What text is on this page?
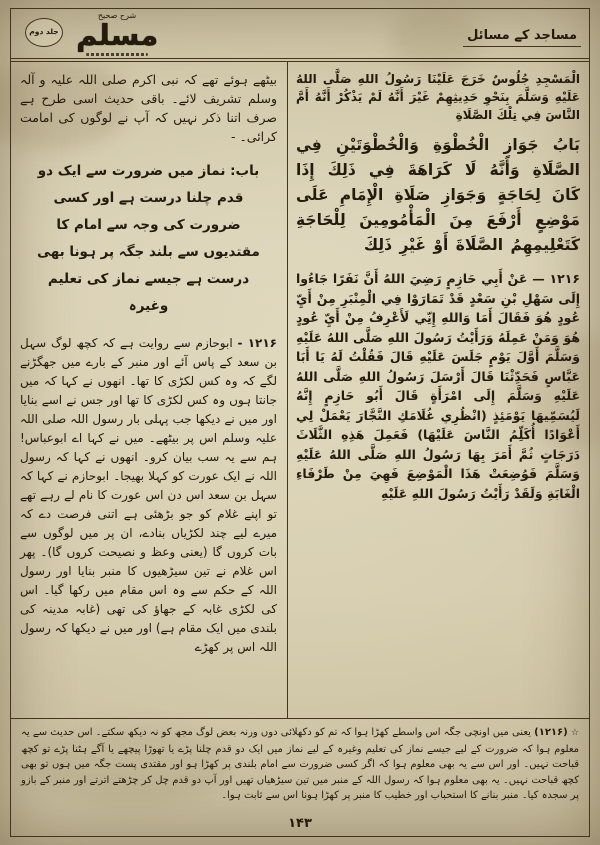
مساجد کے مسائل
شرح صحيح
مسلم
جلد دوم

الْمَسْجِدِ جُلُوسٌ خَرَجَ عَلَيْنَا رَسُولُ اللهِ صَلَّى اللهُ عَلَيْهِ وَسَلَّمَ بِنَحْوِ حَدِيثِهِمْ غَيْرَ أَنَّهُ لَمْ يَذْكُرْ أَنَّهُ أَمَّ النَّاسَ فِي تِلْكَ الصَّلَاةِ

بَابُ جَوَازِ الْخُطْوَةِ وَالْخُطْوَتَيْنِ فِي الصَّلَاةِ وَأَنَّهُ لَا كَرَاهَةَ فِي ذَلِكَ إِذَا كَانَ لِحَاجَةٍ وَجَوَازِ صَلَاةِ الْإِمَامِ عَلَى مَوْضِعٍ أَرْفَعَ مِنَ الْمَأْمُومِينَ لِلْحَاجَةِ كَتَعْلِيمِهِمُ الصَّلَاةَ أَوْ غَيْرِ ذَلِكَ

۱۲۱۶ — عَنْ أَبِي حَازِمٍ رَضِيَ اللهُ أَنَّ نَفَرًا جَاءُوا إِلَى سَهْلِ بْنِ سَعْدٍ قَدْ تَمَارَوْا فِي الْمِنْبَرِ مِنْ أَيِّ عُودٍ هُوَ فَقَالَ أَمَا وَاللهِ إِنِّي لَأَعْرِفُ مِنْ أَيِّ عُودٍ هُوَ وَمَنْ عَمِلَهُ وَرَأَيْتُ رَسُولَ اللهِ صَلَّى اللهُ عَلَيْهِ وَسَلَّمَ أَوَّلَ يَوْمٍ جَلَسَ عَلَيْهِ قَالَ فَقُلْتُ لَهُ يَا أَبَا عَبَّاسٍ فَحَدِّثْنَا قَالَ أَرْسَلَ رَسُولُ اللهِ صَلَّى اللهُ عَلَيْهِ وَسَلَّمَ إِلَى امْرَأَةٍ قَالَ أَبُو حَازِمٍ إِنَّهُ لَيُسَمِّيهَا يَوْمَئِذٍ (انْظُرِي غُلَامَكِ النَّجَّارَ يَعْمَلْ لِي أَعْوَادًا أُكَلِّمُ النَّاسَ عَلَيْهَا) فَعَمِلَ هَذِهِ الثَّلَاثَ دَرَجَاتٍ ثُمَّ أَمَرَ بِهَا رَسُولُ اللهِ صَلَّى اللهُ عَلَيْهِ وَسَلَّمَ فَوُضِعَتْ هَذَا الْمَوْضِعَ فَهِيَ مِنْ طَرْفَاءِ الْغَابَةِ وَلَقَدْ رَأَيْتُ رَسُولَ اللهِ عَلَيْهِ

بیٹھے ہوئے تھے کہ نبی اکرم صلی اللہ علیہ و آلہ وسلم تشریف لائے۔ باقی حدیث اسی طرح ہے صرف اتنا ذکر نہیں کہ آپ نے لوگوں کی امامت کرائی۔ -

باب: نماز میں ضرورت سے ایک دو قدم چلنا درست ہے اور کسی ضرورت کی وجہ سے امام کا مقتدیوں سے بلند جگہ پر ہونا بھی درست ہے جیسے نماز کی تعلیم وغیرہ

۱۲۱۶ - ابوحازم سے روایت ہے کہ کچھ لوگ سہل بن سعد کے پاس آئے اور منبر کے بارے میں جھگڑنے لگے کہ وہ کس لکڑی کا تھا۔ انھوں نے کہا کہ میں جانتا ہوں وہ کس لکڑی کا تھا اور جس نے اسے بنایا اور میں نے دیکھا جب پہلی بار رسول اللہ صلی اللہ علیہ وسلم اس پر بیٹھے۔ میں نے کہا اے ابوعباس! ہم سے یہ سب بیان کرو۔ انھوں نے کہا کہ رسول اللہ نے ایک عورت کو کہلا بھیجا۔ ابوحازم نے کہا کہ سہل بن سعد اس دن اس عورت کا نام لے رہے تھے تو اپنے غلام کو جو بڑھئی ہے اتنی فرصت دے کہ میرے لیے چند لکڑیاں بنادے، ان پر میں لوگوں سے بات کروں گا (یعنی وعظ و نصیحت کروں گا)۔ پھر اس غلام نے تین سیڑھیوں کا منبر بنایا اور رسول اللہ کے حکم سے وہ اس مقام میں رکھا گیا۔ اس کی لکڑی غابہ کے جھاؤ کی تھی (غابہ مدینہ کی بلندی میں ایک مقام ہے) اور میں نے دیکھا کہ رسول اللہ اس پر کھڑے

☆ (۱۲۱۶) یعنی میں اونچی جگہ اس واسطے کھڑا ہوا کہ تم کو دکھلائی دوں ورنہ بعض لوگ مجھ کو نہ دیکھ سکتے۔ اس حدیث سے یہ معلوم ہوا کہ ضرورت کے لیے جیسے نماز کی تعلیم وغیرہ کے لیے نماز میں ایک دو قدم چلنا پڑے یا تھوڑا پیچھے یا آگے ہٹنا پڑے تو کچھ قباحت نہیں۔ اور اس سے یہ بھی معلوم ہوا کہ اگر کسی ضرورت سے امام بلندی پر کھڑا ہو اور مقتدی پست جگہ میں ہوں تو بھی کچھ قباحت نہیں۔ یہ بھی معلوم ہوا کہ رسول اللہ کے منبر میں تین سیڑھیاں تھیں اور آپ دو قدم چل کر چڑھتے اترتے اور منبر کے بازو پر سجدہ کیا۔ منبر بنانے کا استحباب اور خطیب کا منبر پر کھڑا ہونا اس سے ثابت ہوا۔
۱۴۳
